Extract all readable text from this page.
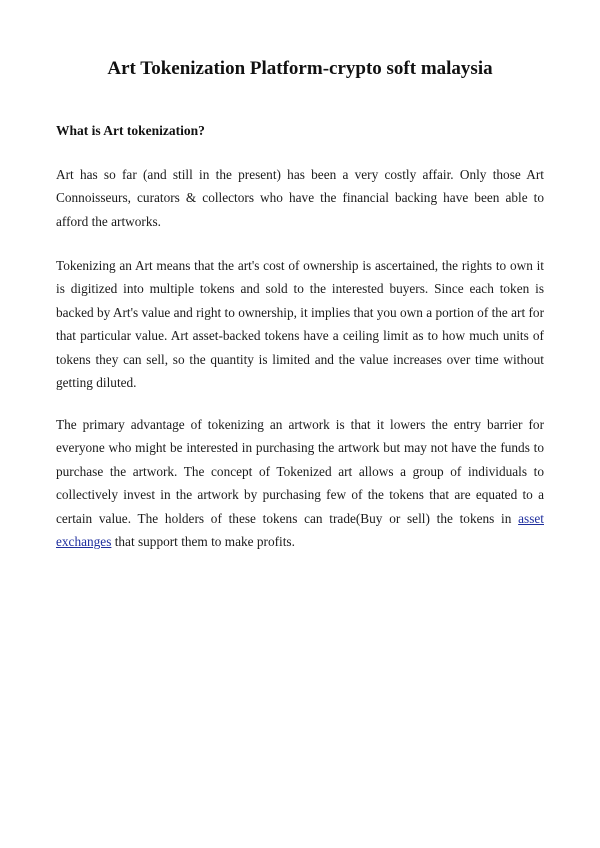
Art Tokenization Platform-crypto soft malaysia
What is Art tokenization?

Art has so far (and still in the present) has been a very costly affair. Only those Art Connoisseurs, curators & collectors who have the financial backing have been able to afford the artworks.

Tokenizing an Art means that the art's cost of ownership is ascertained, the rights to own it is digitized into multiple tokens and sold to the interested buyers. Since each token is backed by Art's value and right to ownership, it implies that you own a portion of the art for that particular value. Art asset-backed tokens have a ceiling limit as to how much units of tokens they can sell, so the quantity is limited and the value increases over time without getting diluted.

The primary advantage of tokenizing an artwork is that it lowers the entry barrier for everyone who might be interested in purchasing the artwork but may not have the funds to purchase the artwork. The concept of Tokenized art allows a group of individuals to collectively invest in the artwork by purchasing few of the tokens that are equated to a certain value. The holders of these tokens can trade(Buy or sell) the tokens in asset exchanges that support them to make profits.
